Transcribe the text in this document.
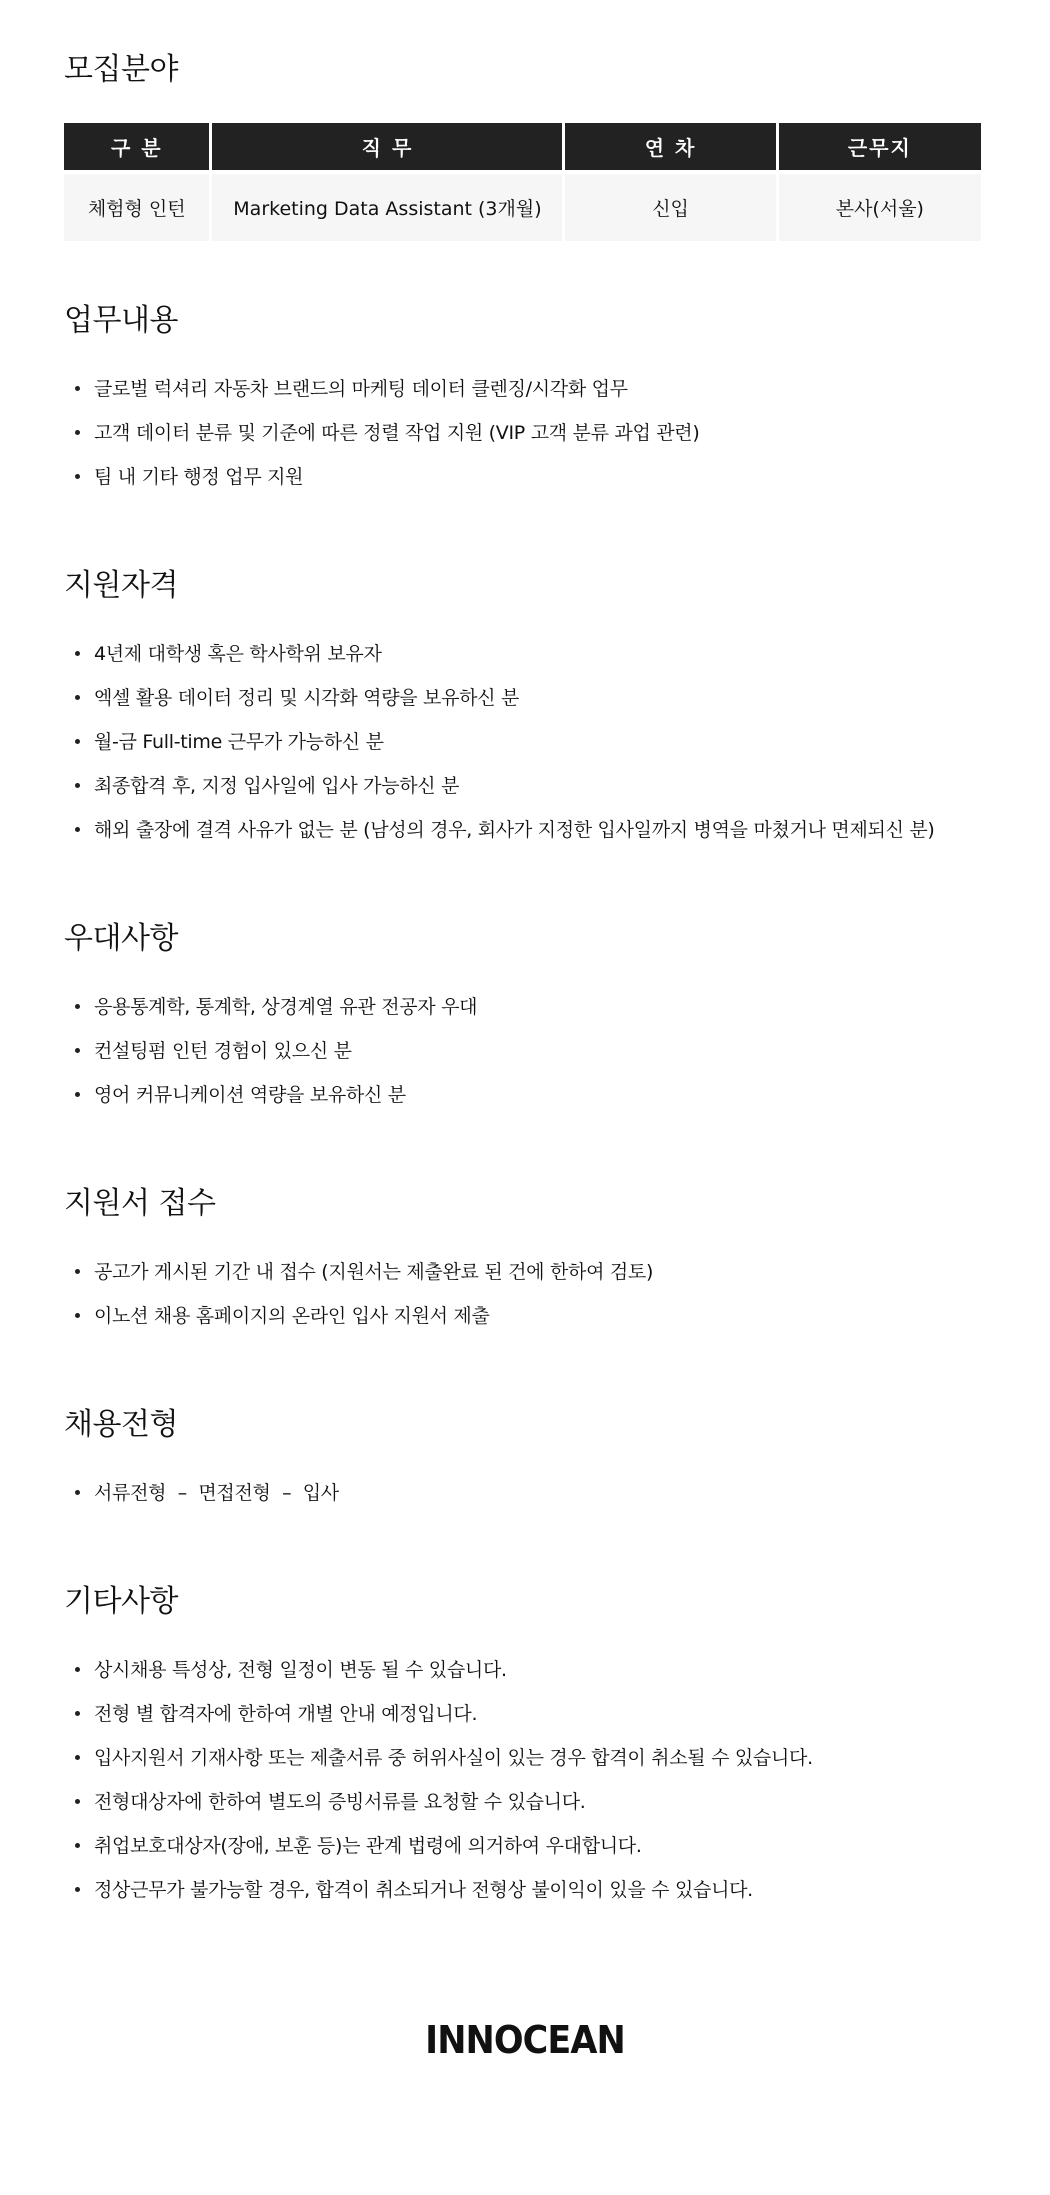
모집분야
구 분	직 무	연 차	근무지
체험형 인턴	Marketing Data Assistant (3개월)	신입	본사(서울)
업무내용
글로벌 럭셔리 자동차 브랜드의 마케팅 데이터 클렌징/시각화 업무
고객 데이터 분류 및 기준에 따른 정렬 작업 지원 (VIP 고객 분류 과업 관련)
팀 내 기타 행정 업무 지원
지원자격
4년제 대학생 혹은 학사학위 보유자
엑셀 활용 데이터 정리 및 시각화 역량을 보유하신 분
월-금 Full-time 근무가 가능하신 분
최종합격 후, 지정 입사일에 입사 가능하신 분
해외 출장에 결격 사유가 없는 분 (남성의 경우, 회사가 지정한 입사일까지 병역을 마쳤거나 면제되신 분)
우대사항
응용통계학, 통계학, 상경계열 유관 전공자 우대
컨설팅펌 인턴 경험이 있으신 분
영어 커뮤니케이션 역량을 보유하신 분
지원서 접수
공고가 게시된 기간 내 접수 (지원서는 제출완료 된 건에 한하여 검토)
이노션 채용 홈페이지의 온라인 입사 지원서 제출
채용전형
서류전형  –  면접전형  –  입사
기타사항
상시채용 특성상, 전형 일정이 변동 될 수 있습니다.
전형 별 합격자에 한하여 개별 안내 예정입니다.
입사지원서 기재사항 또는 제출서류 중 허위사실이 있는 경우 합격이 취소될 수 있습니다.
전형대상자에 한하여 별도의 증빙서류를 요청할 수 있습니다.
취업보호대상자(장애, 보훈 등)는 관계 법령에 의거하여 우대합니다.
정상근무가 불가능할 경우, 합격이 취소되거나 전형상 불이익이 있을 수 있습니다.
INNOCEAN
